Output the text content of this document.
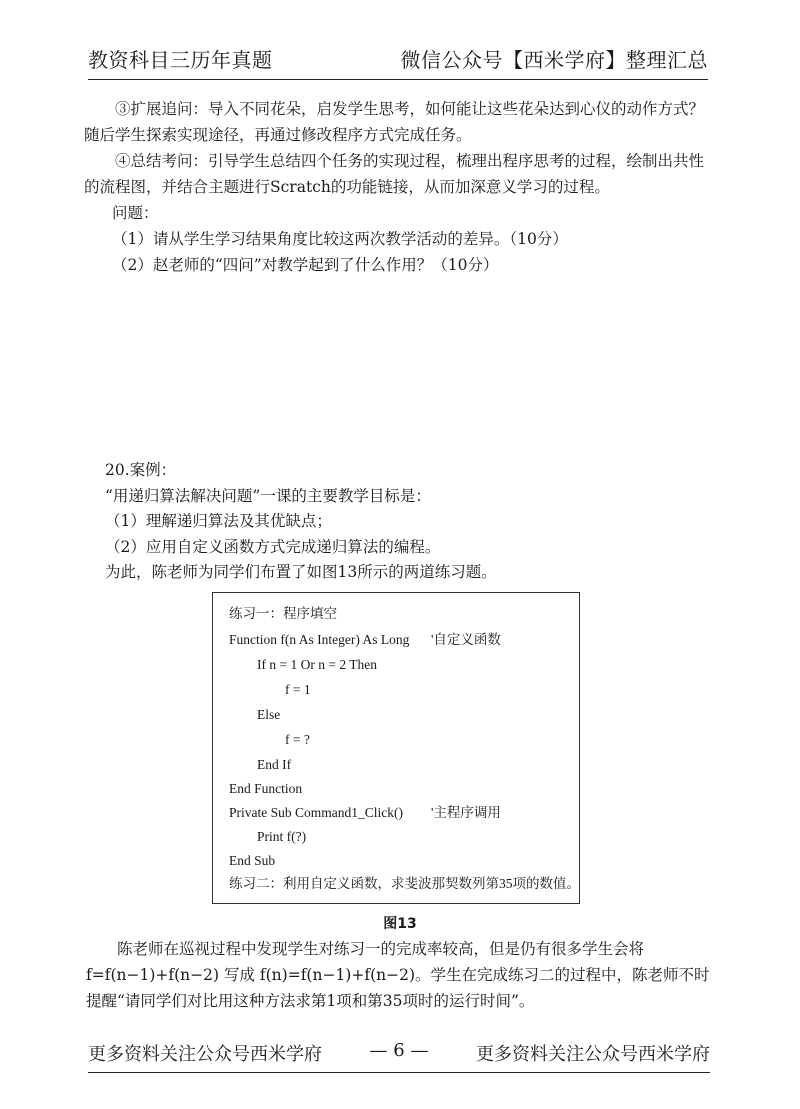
教资科目三历年真题	微信公众号【西米学府】整理汇总

③扩展追问：导入不同花朵，启发学生思考，如何能让这些花朵达到心仪的动作方式？随后学生探索实现途径，再通过修改程序方式完成任务。

④总结考问：引导学生总结四个任务的实现过程，梳理出程序思考的过程，绘制出共性的流程图，并结合主题进行Scratch的功能链接，从而加深意义学习的过程。

问题：

（1）请从学生学习结果角度比较这两次教学活动的差异。（10分）

（2）赵老师的“四问”对教学起到了什么作用？（10分）

20.案例：

“用递归算法解决问题”一课的主要教学目标是：

（1）理解递归算法及其优缺点；

（2）应用自定义函数方式完成递归算法的编程。

为此，陈老师为同学们布置了如图13所示的两道练习题。

练习一：程序填空
Function f(n As Integer) As Long '自定义函数
If n = 1 Or n = 2 Then
f = 1
Else
f = ?
End If
End Function
Private Sub Command1_Click() '主程序调用
Print f(?)
End Sub
练习二：利用自定义函数，求斐波那契数列第35项的数值。
图13

陈老师在巡视过程中发现学生对练习一的完成率较高，但是仍有很多学生会将f=f(n−1)+f(n−2) 写成 f(n)=f(n−1)+f(n−2)。学生在完成练习二的过程中，陈老师不时提醒“请同学们对比用这种方法求第1项和第35项时的运行时间”。

更多资料关注公众号西米学府	— 6 —	更多资料关注公众号西米学府
